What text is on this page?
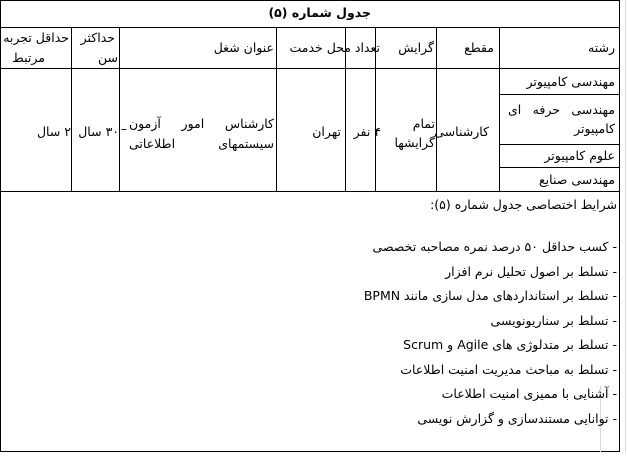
جدول شماره (۵)
رشته
مقطع
گرایش
تعداد
محل خدمت
عنوان شغل
حداکثر
سن
حداقل تجربه
مرتبط
مهندسی کامپیوتر
مهندسی حرفه ای کامپیوتر
علوم کامپیوتر
مهندسی صنایع
کارشناسی
تمام گرایشها
۴ نفر
تهران
کارشناس امور آزمون سیستمهای اطلاعاتی
–
۳۰ سال
۲ سال
شرایط اختصاصی جدول شماره (۵):
- کسب حداقل ۵۰ درصد نمره مصاحبه تخصصی
- تسلط بر اصول تحلیل نرم افزار
- تسلط بر استانداردهای مدل سازی مانند BPMN
- تسلط بر سناریونویسی
- تسلط بر متدلوژی های Agile و Scrum
- تسلط به مباحث مدیریت امنیت اطلاعات
- آشنایی با ممیزی امنیت اطلاعات
- توانایی مستندسازی و گزارش نویسی
